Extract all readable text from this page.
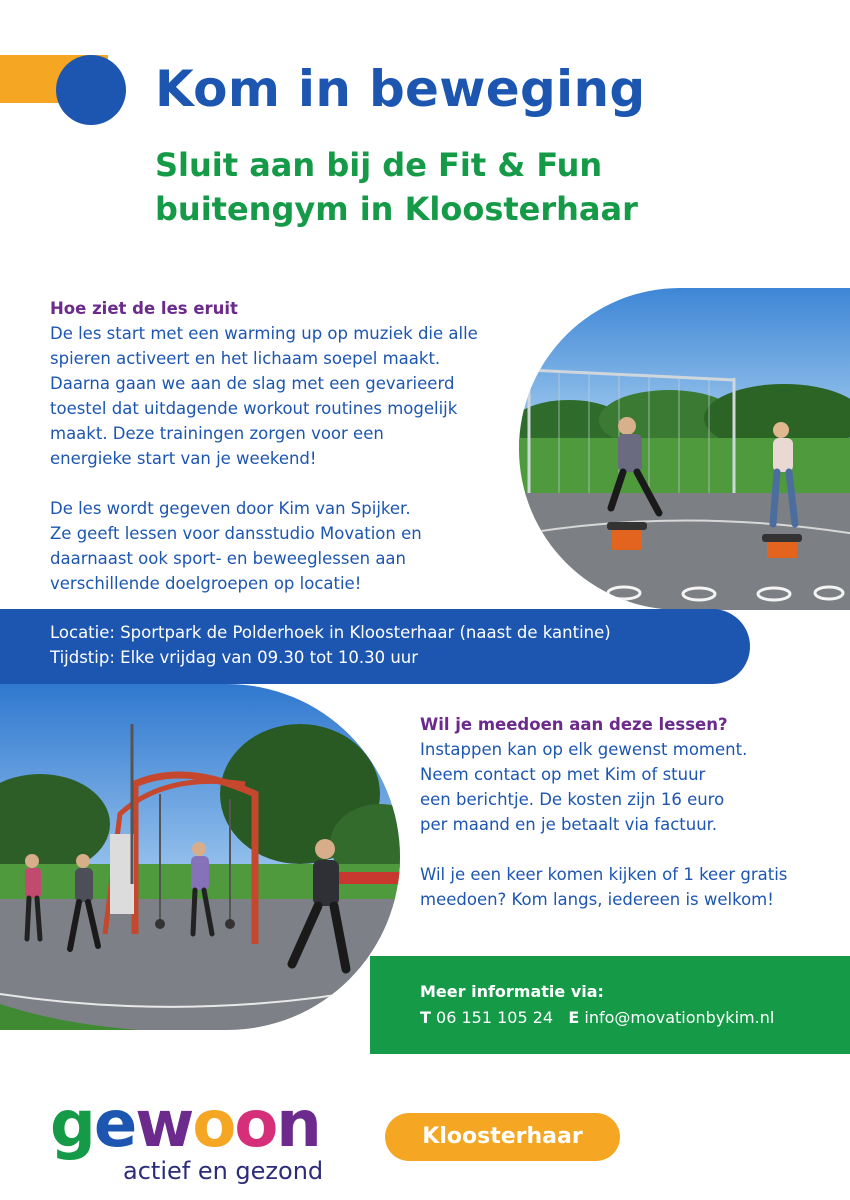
Kom in beweging
Sluit aan bij de Fit & Fun
buitengym in Kloosterhaar

Hoe ziet de les eruit

De les start met een warming up op muziek die alle

spieren activeert en het lichaam soepel maakt.

Daarna gaan we aan de slag met een gevarieerd

toestel dat uitdagende workout routines mogelijk

maakt. Deze trainingen zorgen voor een

energieke start van je weekend!

De les wordt gegeven door Kim van Spijker.

Ze geeft lessen voor dansstudio Movation en

daarnaast ook sport- en beweeglessen aan

verschillende doelgroepen op locatie!

Locatie: Sportpark de Polderhoek in Kloosterhaar (naast de kantine)
Tijdstip: Elke vrijdag van 09.30 tot 10.30 uur

Wil je meedoen aan deze lessen?

Instappen kan op elk gewenst moment.

Neem contact op met Kim of stuur

een berichtje. De kosten zijn 16 euro

per maand en je betaalt via factuur.

Wil je een keer komen kijken of 1 keer gratis

meedoen? Kom langs, iedereen is welkom!

Meer informatie via:
T 06 151 105 24 E info@movationbykim.nl
gewoon
actief en gezond
Kloosterhaar
